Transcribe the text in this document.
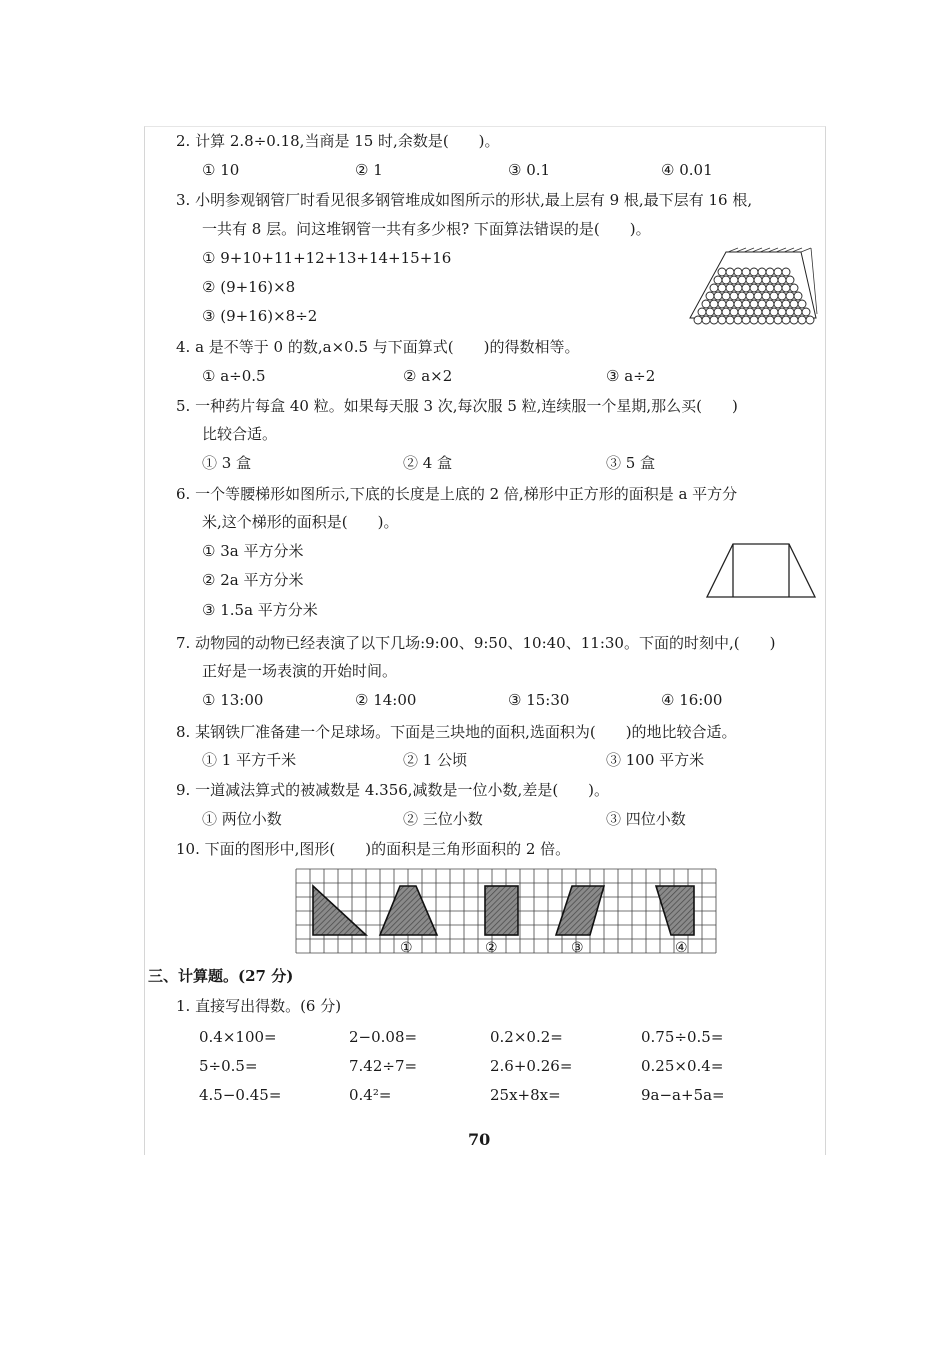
2. 计算 2.8÷0.18,当商是 15 时,余数是(　　)。
① 10	② 1	③ 0.1	④ 0.01
3. 小明参观钢管厂时看见很多钢管堆成如图所示的形状,最上层有 9 根,最下层有 16 根,
一共有 8 层。问这堆钢管一共有多少根? 下面算法错误的是(　　)。
① 9+10+11+12+13+14+15+16
② (9+16)×8
③ (9+16)×8÷2
4. a 是不等于 0 的数,a×0.5 与下面算式(　　)的得数相等。
① a÷0.5	② a×2	③ a÷2
5. 一种药片每盒 40 粒。如果每天服 3 次,每次服 5 粒,连续服一个星期,那么买(　　)
比较合适。
① 3 盒	② 4 盒	③ 5 盒
6. 一个等腰梯形如图所示,下底的长度是上底的 2 倍,梯形中正方形的面积是 a 平方分
米,这个梯形的面积是(　　)。
① 3a 平方分米
② 2a 平方分米
③ 1.5a 平方分米
7. 动物园的动物已经表演了以下几场:9:00、9:50、10:40、11:30。下面的时刻中,(　　)
正好是一场表演的开始时间。
① 13:00	② 14:00	③ 15:30	④ 16:00
8. 某钢铁厂准备建一个足球场。下面是三块地的面积,选面积为(　　)的地比较合适。
① 1 平方千米	② 1 公顷	③ 100 平方米
9. 一道减法算式的被减数是 4.356,减数是一位小数,差是(　　)。
① 两位小数	② 三位小数	③ 四位小数
10. 下面的图形中,图形(　　)的面积是三角形面积的 2 倍。
①	②	③	④
三、计算题。(27 分)
1. 直接写出得数。(6 分)
0.4×100=	2−0.08=	0.2×0.2=	0.75÷0.5=
5÷0.5=	7.42÷7=	2.6+0.26=	0.25×0.4=
4.5−0.45=	0.4²=	25x+8x=	9a−a+5a=
70
